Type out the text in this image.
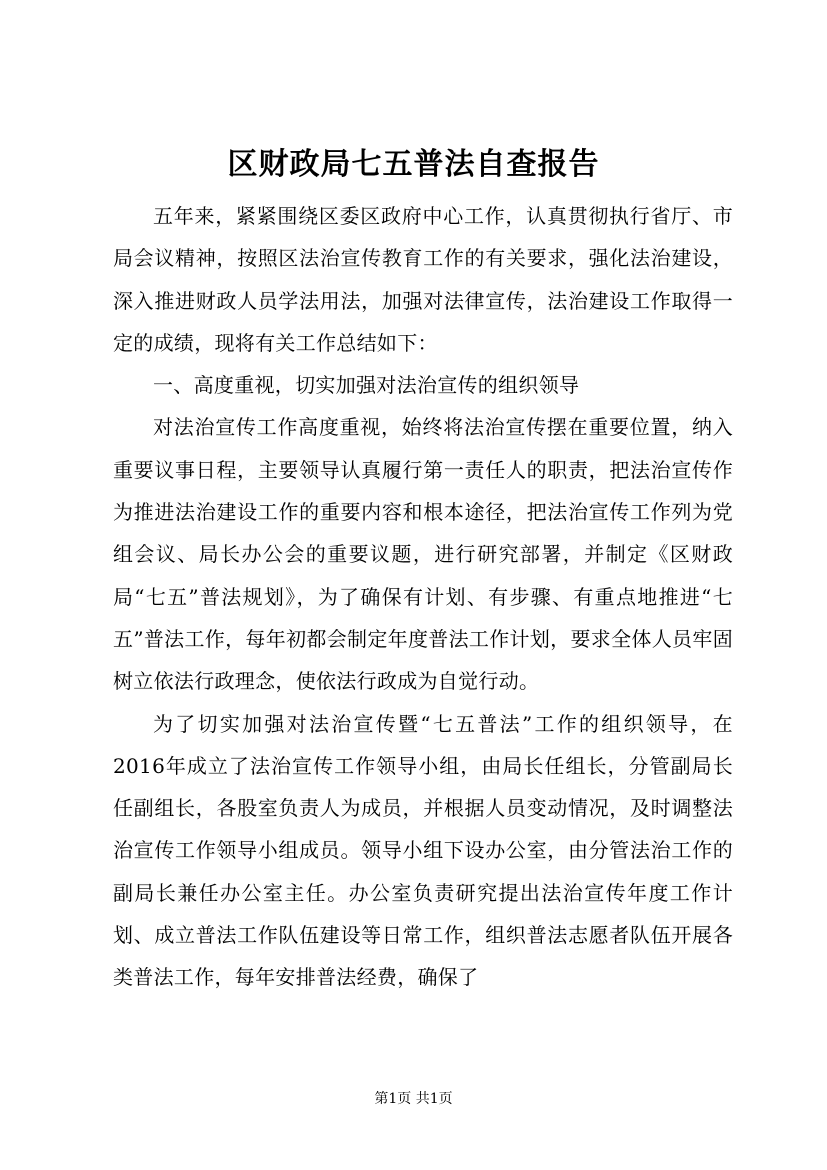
区财政局七五普法自查报告

五年来，紧紧围绕区委区政府中心工作，认真贯彻执行省厅、市局会议精神，按照区法治宣传教育工作的有关要求，强化法治建设，深入推进财政人员学法用法，加强对法律宣传，法治建设工作取得一定的成绩，现将有关工作总结如下：

一、高度重视，切实加强对法治宣传的组织领导

对法治宣传工作高度重视，始终将法治宣传摆在重要位置，纳入重要议事日程，主要领导认真履行第一责任人的职责，把法治宣传作为推进法治建设工作的重要内容和根本途径，把法治宣传工作列为党组会议、局长办公会的重要议题，进行研究部署，并制定《区财政局“七五”普法规划》，为了确保有计划、有步骤、有重点地推进“七五”普法工作，每年初都会制定年度普法工作计划，要求全体人员牢固树立依法行政理念，使依法行政成为自觉行动。

为了切实加强对法治宣传暨“七五普法”工作的组织领导，在2016年成立了法治宣传工作领导小组，由局长任组长，分管副局长任副组长，各股室负责人为成员，并根据人员变动情况，及时调整法治宣传工作领导小组成员。领导小组下设办公室，由分管法治工作的副局长兼任办公室主任。办公室负责研究提出法治宣传年度工作计划、成立普法工作队伍建设等日常工作，组织普法志愿者队伍开展各类普法工作，每年安排普法经费，确保了

第1页 共1页
